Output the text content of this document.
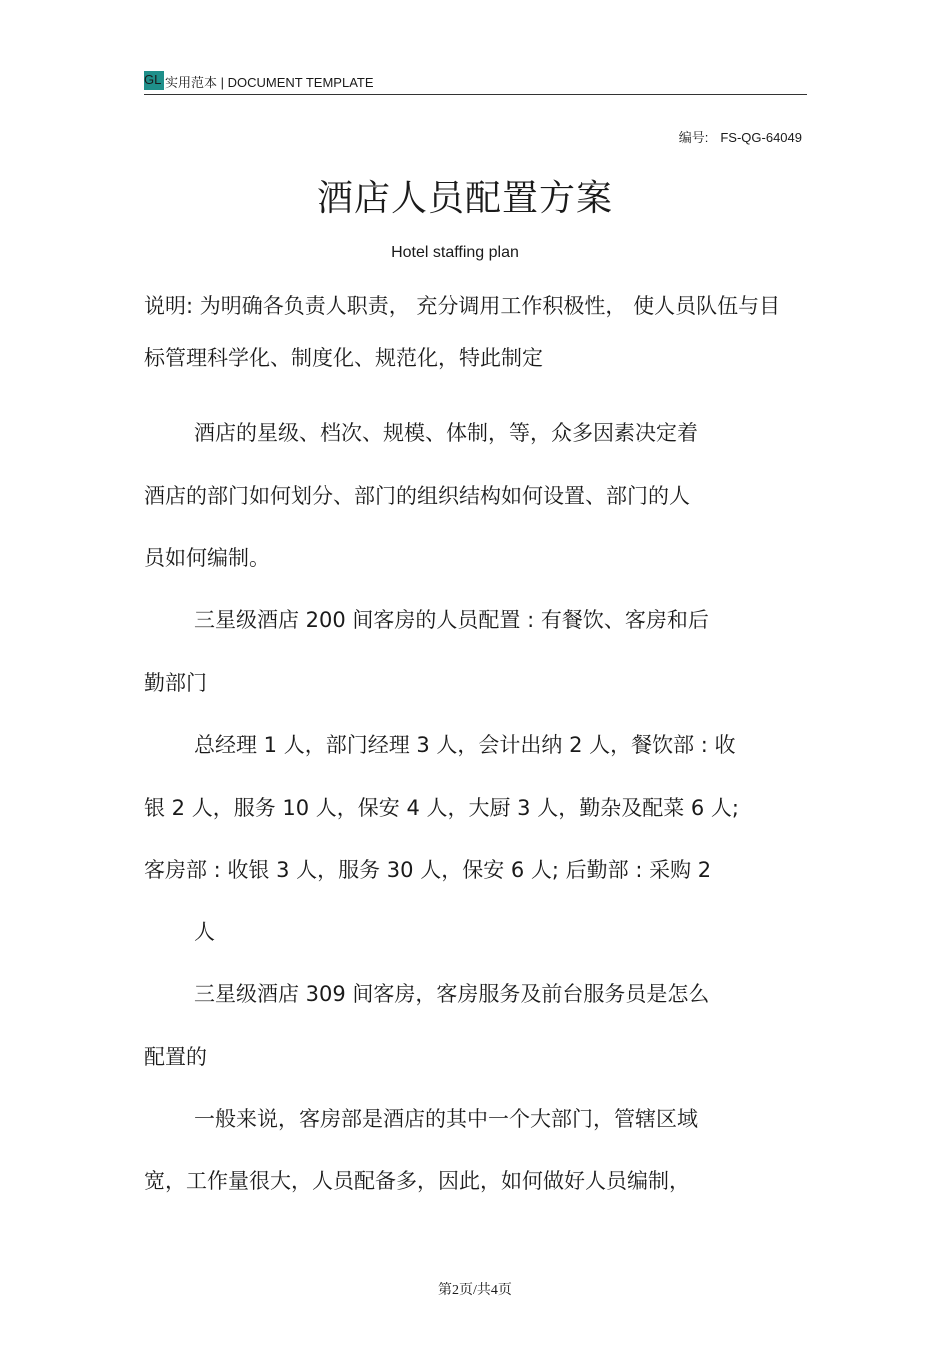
GL 实用范本 | DOCUMENT TEMPLATE
编号: FS-QG-64049
酒店人员配置方案
Hotel staffing plan
说明: 为明确各负责人职责， 充分调用工作积极性， 使人员队伍与目
标管理科学化、制度化、规范化，特此制定
酒店的星级、档次、规模、体制，等，众多因素决定着
酒店的部门如何划分、部门的组织结构如何设置、部门的人
员如何编制。
三星级酒店 200 间客房的人员配置 : 有餐饮、客房和后
勤部门
总经理 1 人，部门经理 3 人，会计出纳 2 人，餐饮部 : 收
银 2 人，服务 10 人，保安 4 人，大厨 3 人，勤杂及配菜 6 人;
客房部 : 收银 3 人，服务 30 人，保安 6 人; 后勤部 : 采购 2
人
三星级酒店 309 间客房，客房服务及前台服务员是怎么
配置的
一般来说，客房部是酒店的其中一个大部门，管辖区域
宽，工作量很大，人员配备多，因此，如何做好人员编制，
第2页/共4页
